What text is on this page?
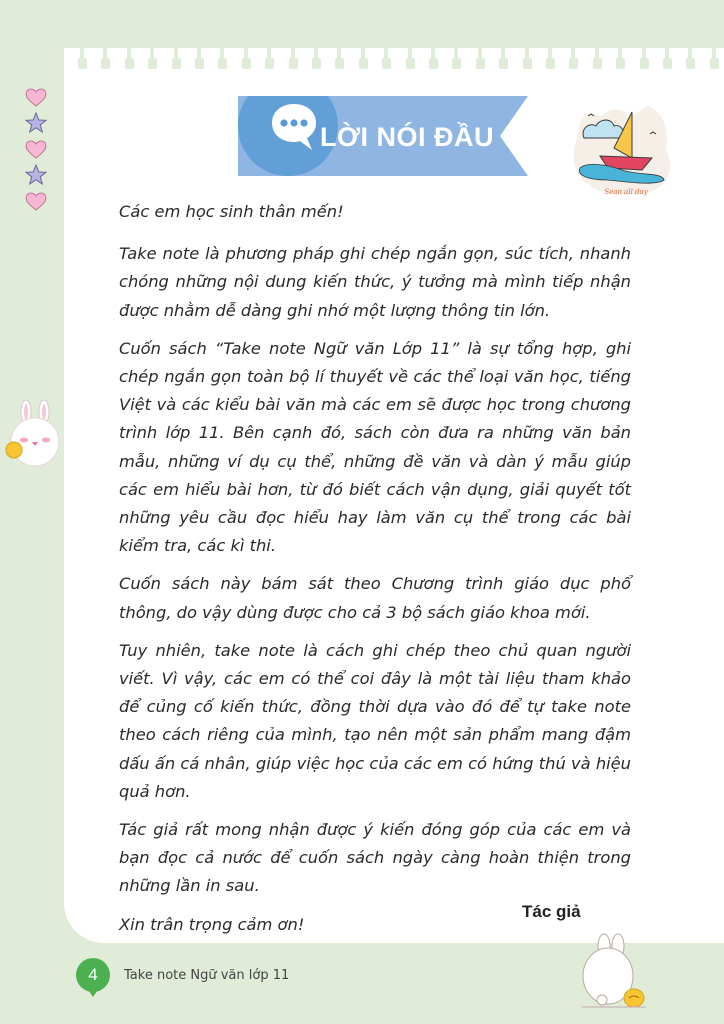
LỜI NÓI ĐẦU
Sean all day

Các em học sinh thân mến!

Take note là phương pháp ghi chép ngắn gọn, súc tích, nhanh chóng những nội dung kiến thức, ý tưởng mà mình tiếp nhận được nhằm dễ dàng ghi nhớ một lượng thông tin lớn.

Cuốn sách “Take note Ngữ văn Lớp 11” là sự tổng hợp, ghi chép ngắn gọn toàn bộ lí thuyết về các thể loại văn học, tiếng Việt và các kiểu bài văn mà các em sẽ được học trong chương trình lớp 11. Bên cạnh đó, sách còn đưa ra những văn bản mẫu, những ví dụ cụ thể, những đề văn và dàn ý mẫu giúp các em hiểu bài hơn, từ đó biết cách vận dụng, giải quyết tốt những yêu cầu đọc hiểu hay làm văn cụ thể trong các bài kiểm tra, các kì thi.

Cuốn sách này bám sát theo Chương trình giáo dục phổ thông, do vậy dùng được cho cả 3 bộ sách giáo khoa mới.

Tuy nhiên, take note là cách ghi chép theo chủ quan người viết. Vì vậy, các em có thể coi đây là một tài liệu tham khảo để củng cố kiến thức, đồng thời dựa vào đó để tự take note theo cách riêng của mình, tạo nên một sản phẩm mang đậm dấu ấn cá nhân, giúp việc học của các em có hứng thú và hiệu quả hơn.

Tác giả rất mong nhận được ý kiến đóng góp của các em và bạn đọc cả nước để cuốn sách ngày càng hoàn thiện trong những lần in sau.

Xin trân trọng cảm ơn!

Tác giả
4	Take note Ngữ văn lớp 11
